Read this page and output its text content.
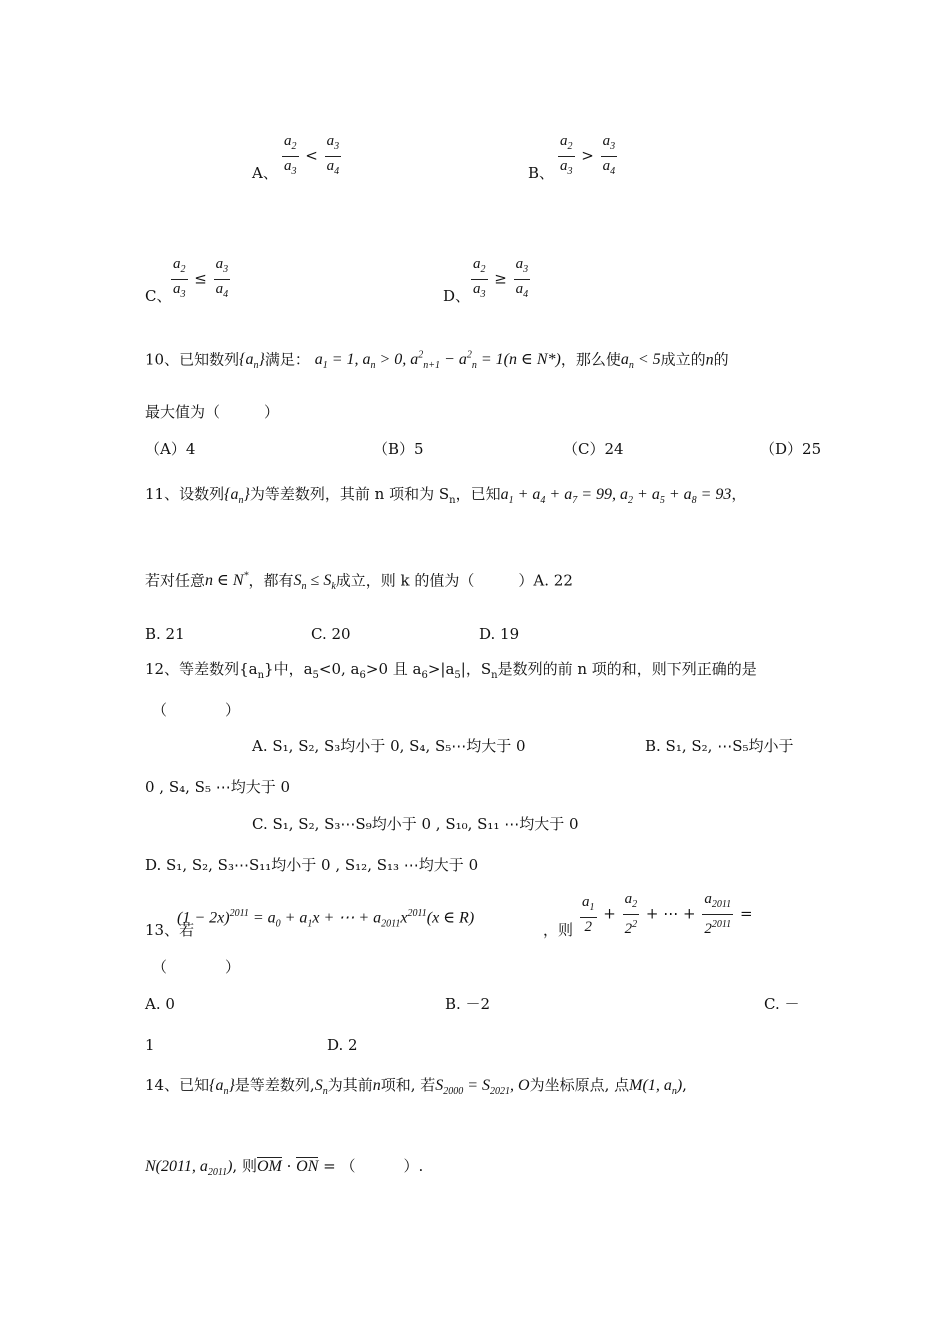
A、 $\frac{a_2}{a_3} < \frac{a_3}{a_4}$	B、 $\frac{a_2}{a_3} > \frac{a_3}{a_4}$
C、 $\frac{a_2}{a_3} \le \frac{a_3}{a_4}$	D、 $\frac{a_2}{a_3} \ge \frac{a_3}{a_4}$
10、已知数列$\{a_n\}$满足： $a_1 = 1$, $a_n > 0$, $a^2_{n+1} - a^2_n = 1(n$ ∈ N*)，那么使$a_n < 5$成立的n的
最大值为（	）
（A）4	（B）5	（C）24	（D）25
11、设数列$\{a_n\}$为等差数列，其前 n 项和为 $S_n$，已知$a_1 + a_4 + a_7 = 99$, $a_2 + a_5 + a_8 = 93$，
若对任意n ∈ N*，都有$S_n \le S_k$成立，则 k 的值为（	）A. 22
B. 21	C. 20	D. 19
12、等差数列$\{a_n\}$中，$a_5<0$, $a_6>0$ 且 $a_6>|a_5|$，$S_n$是数列的前 n 项的和，则下列正确的是
（	）
A. S₁, S₂, S₃均小于 0, S₄, S₅⋯均大于 0	B. S₁, S₂, ⋯S₅均小于
0 , S₄, S₅ ⋯均大于 0
C. S₁, S₂, S₃⋯S₉均小于 0 , S₁₀, S₁₁ ⋯均大于 0
D. S₁, S₂, S₃⋯S₁₁均小于 0 , S₁₂, S₁₃ ⋯均大于 0
13、若
$(1 - 2x)^{2011} = a_0 + a_1x$ + ⋯ + $a_{2011}x^{2011}(x$ ∈ R)
，则 $\frac{a_1}{2} + \frac{a_2}{2^2}$ + ⋯ + $\frac{a_{2011}}{2^{2011}}$ =
（	）
A. 0	B. －2	C. －
1	D. 2
14、已知$\{a_n\}$是等差数列$,S_n$为其前n项和, 若$S_{2000} = S_{2021}$, O为坐标原点, 点M(1, $a_n$),
N(2011, $a_{2011}$), 则OM · ON = （	）.
